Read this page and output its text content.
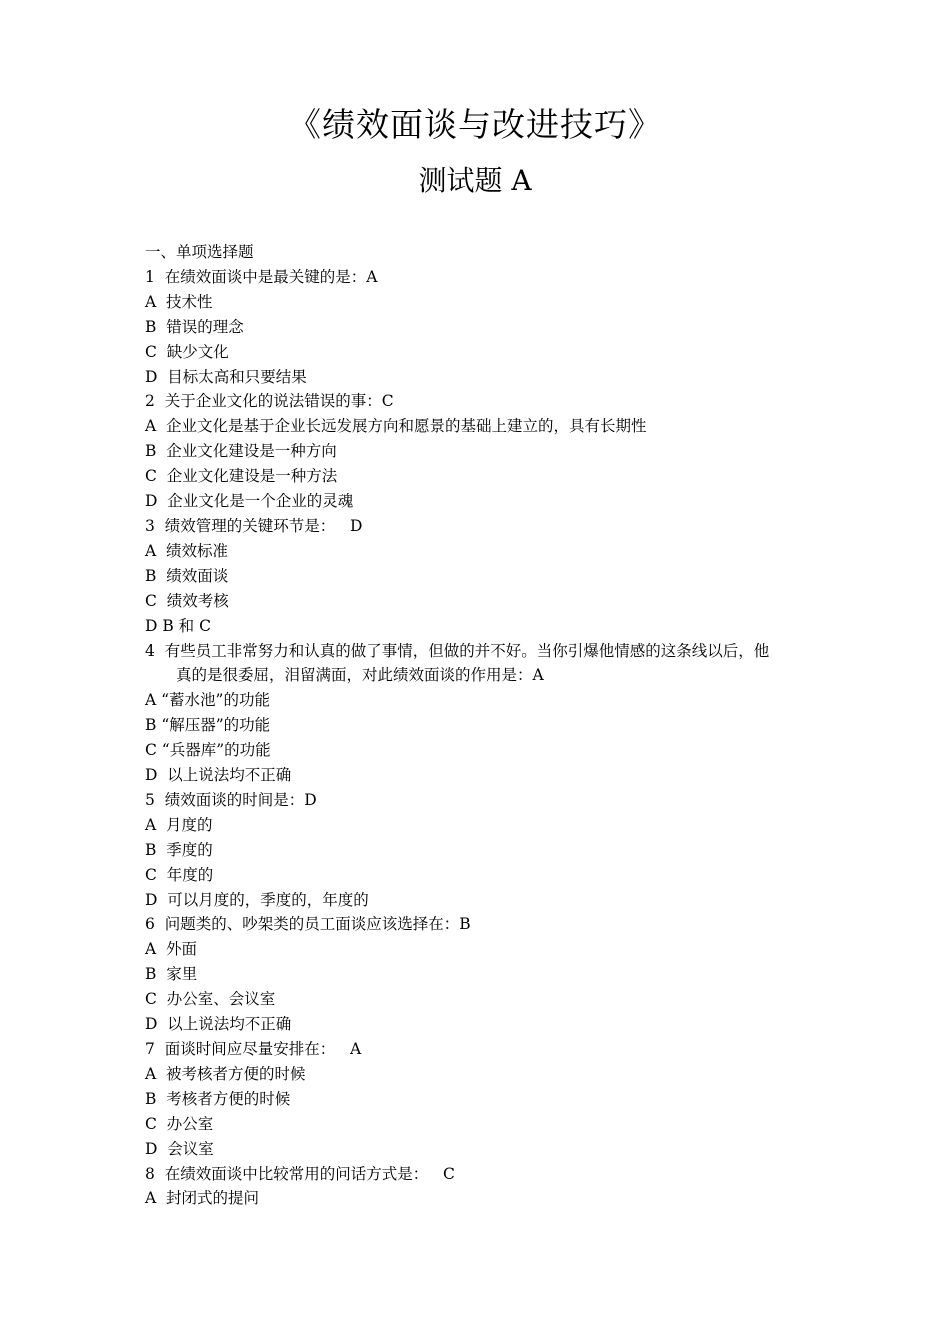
《绩效面谈与改进技巧》
测试题 A
一、单项选择题
1  在绩效面谈中是最关键的是：A
A  技术性
B  错误的理念
C  缺少文化
D  目标太高和只要结果
2  关于企业文化的说法错误的事：C
A  企业文化是基于企业长远发展方向和愿景的基础上建立的，具有长期性
B  企业文化建设是一种方向
C  企业文化建设是一种方法
D  企业文化是一个企业的灵魂
3  绩效管理的关键环节是：   D
A  绩效标准
B  绩效面谈
C  绩效考核
D B 和 C
4  有些员工非常努力和认真的做了事情，但做的并不好。当你引爆他情感的这条线以后，他
真的是很委屈，泪留满面，对此绩效面谈的作用是：A
A “蓄水池”的功能
B “解压器”的功能
C “兵器库”的功能
D  以上说法均不正确
5  绩效面谈的时间是：D
A  月度的
B  季度的
C  年度的
D  可以月度的，季度的，年度的
6  问题类的、吵架类的员工面谈应该选择在：B
A  外面
B  家里
C  办公室、会议室
D  以上说法均不正确
7  面谈时间应尽量安排在：   A
A  被考核者方便的时候
B  考核者方便的时候
C  办公室
D  会议室
8  在绩效面谈中比较常用的问话方式是：   C
A  封闭式的提问
